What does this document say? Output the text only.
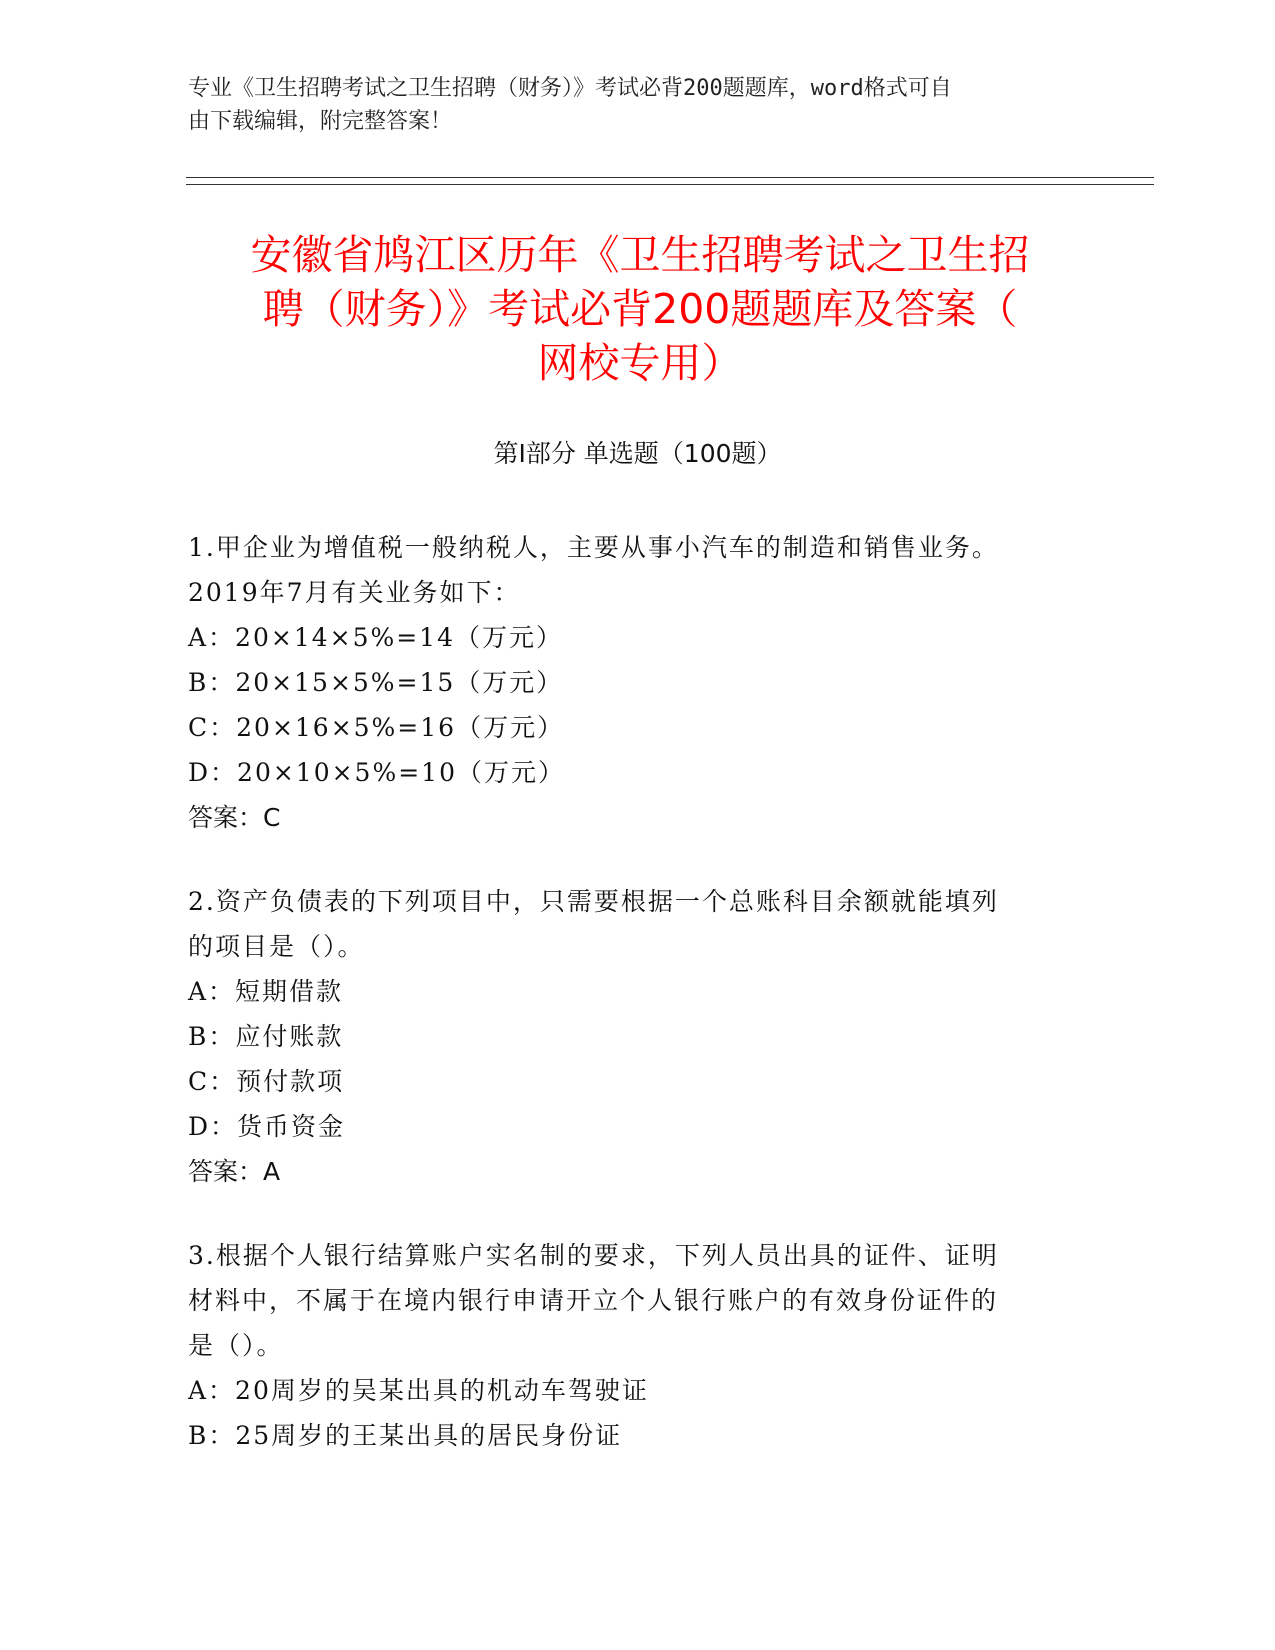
专业《卫生招聘考试之卫生招聘（财务）》考试必背200题题库，word格式可自
由下载编辑，附完整答案！
安徽省鸠江区历年《卫生招聘考试之卫生招
聘（财务）》考试必背200题题库及答案（
网校专用）
第Ⅰ部分 单选题（100题）

1.甲企业为增值税一般纳税人，主要从事小汽车的制造和销售业务。

2019年7月有关业务如下：

A：20×14×5%=14（万元）

B：20×15×5%=15（万元）

C：20×16×5%=16（万元）

D：20×10×5%=10（万元）

答案：C

2.资产负债表的下列项目中，只需要根据一个总账科目余额就能填列

的项目是（）。

A：短期借款

B：应付账款

C：预付款项

D：货币资金

答案：A

3.根据个人银行结算账户实名制的要求，下列人员出具的证件、证明

材料中，不属于在境内银行申请开立个人银行账户的有效身份证件的

是（）。

A：20周岁的吴某出具的机动车驾驶证

B：25周岁的王某出具的居民身份证
